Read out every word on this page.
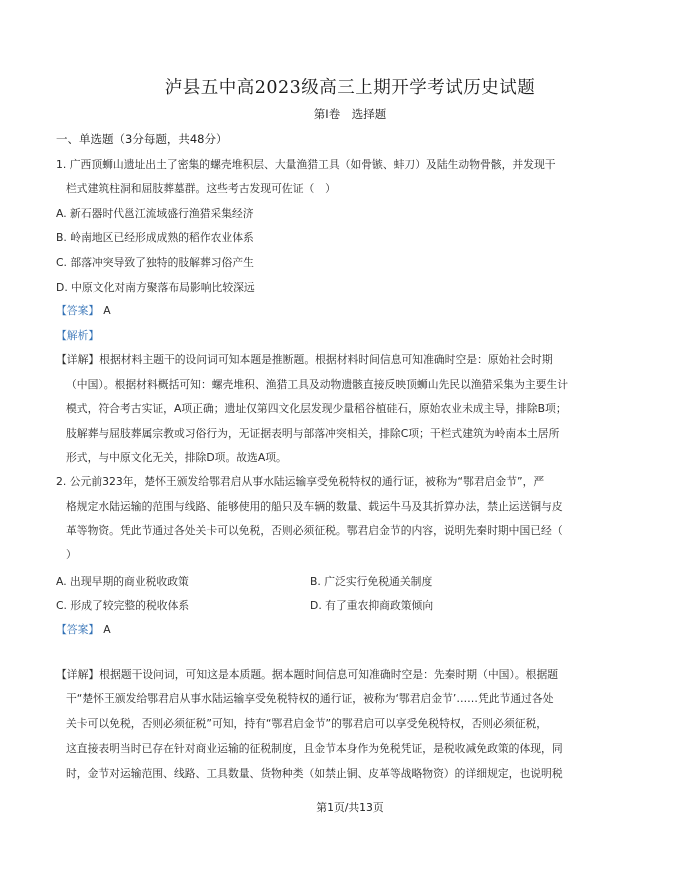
泸县五中高2023级高三上期开学考试历史试题
第Ⅰ卷　选择题
一、单选题（3分每题，共48分）
1. 广西顶蛳山遗址出土了密集的螺壳堆积层、大量渔猎工具（如骨镞、蚌刀）及陆生动物骨骸，并发现干
栏式建筑柱洞和屈肢葬墓群。这些考古发现可佐证（　）
A. 新石器时代邕江流域盛行渔猎采集经济
B. 岭南地区已经形成成熟的稻作农业体系
C. 部落冲突导致了独特的肢解葬习俗产生
D. 中原文化对南方聚落布局影响比较深远
【答案】 A
【解析】
【详解】根据材料主题干的设问词可知本题是推断题。根据材料时间信息可知准确时空是：原始社会时期
（中国）。根据材料概括可知：螺壳堆积、渔猎工具及动物遗骸直接反映顶蛳山先民以渔猎采集为主要生计
模式，符合考古实证，A项正确；遗址仅第四文化层发现少量稻谷植硅石，原始农业未成主导，排除B项；
肢解葬与屈肢葬属宗教或习俗行为，无证据表明与部落冲突相关，排除C项；干栏式建筑为岭南本土居所
形式，与中原文化无关，排除D项。故选A项。
2. 公元前323年，楚怀王颁发给鄂君启从事水陆运输享受免税特权的通行证，被称为“鄂君启金节”，严
格规定水陆运输的范围与线路、能够使用的船只及车辆的数量、载运牛马及其折算办法，禁止运送铜与皮
革等物资。凭此节通过各处关卡可以免税，否则必须征税。鄂君启金节的内容，说明先秦时期中国已经（
）
A. 出现早期的商业税收政策	B. 广泛实行免税通关制度
C. 形成了较完整的税收体系	D. 有了重农抑商政策倾向
【答案】 A
【详解】根据题干设问词，可知这是本质题。据本题时间信息可知准确时空是：先秦时期（中国）。根据题
干“楚怀王颁发给鄂君启从事水陆运输享受免税特权的通行证，被称为‘鄂君启金节’……凭此节通过各处
关卡可以免税，否则必须征税”可知，持有“鄂君启金节”的鄂君启可以享受免税特权，否则必须征税，
这直接表明当时已存在针对商业运输的征税制度，且金节本身作为免税凭证，是税收减免政策的体现，同
时，金节对运输范围、线路、工具数量、货物种类（如禁止铜、皮革等战略物资）的详细规定，也说明税
第1页/共13页
